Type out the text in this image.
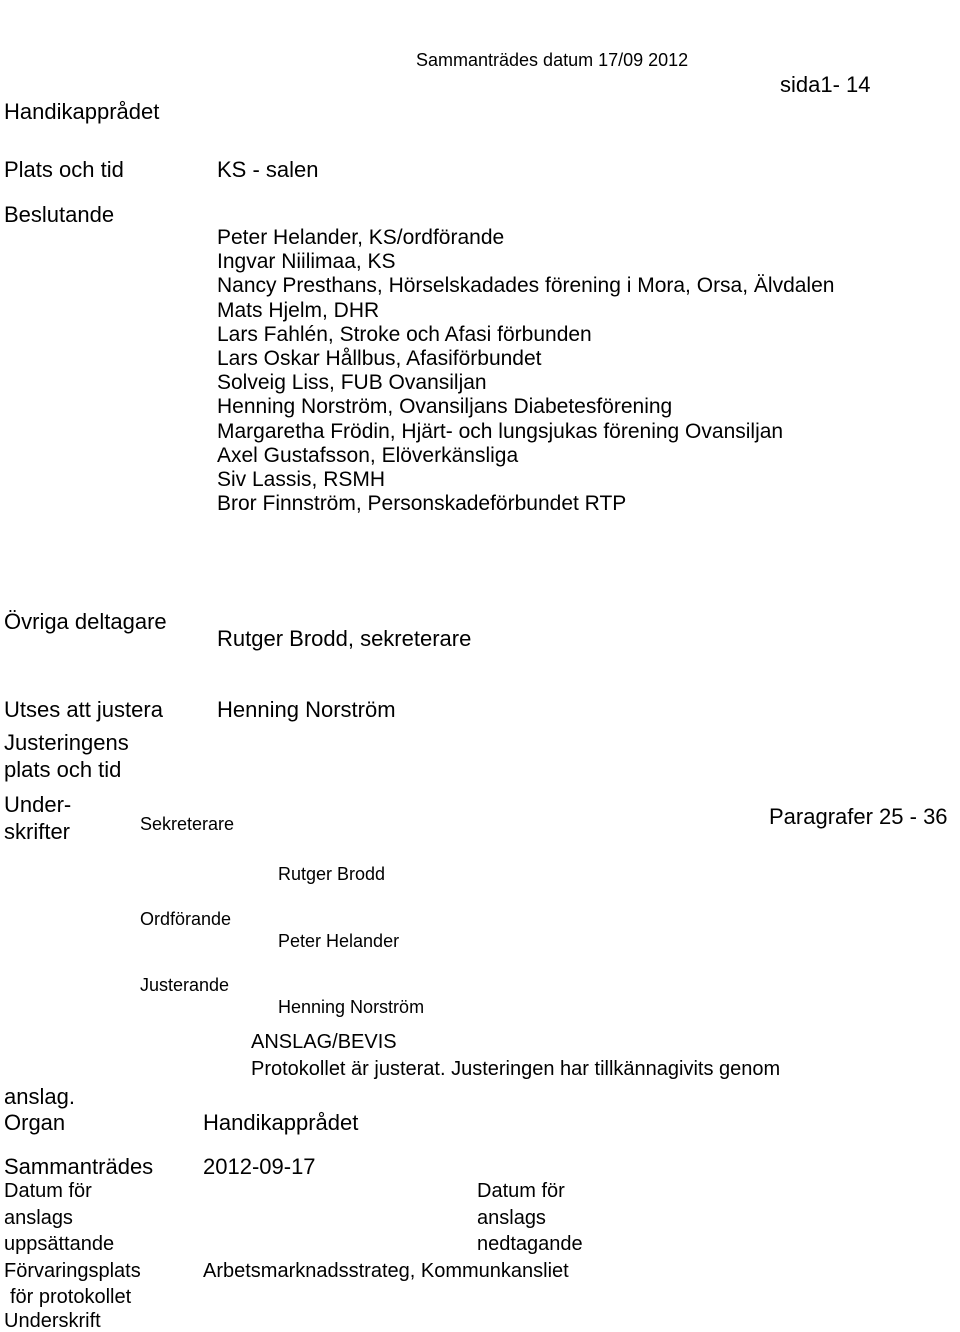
Mora Kommun	Sammanträdesprotokoll
Sammanträdes datum 17/09 2012
sida1- 14
Handikapprådet
Plats och tid	KS - salen
Beslutande
Peter Helander, KS/ordförande
Ingvar Niilimaa, KS
Nancy Presthans, Hörselskadades förening i Mora, Orsa, Älvdalen
Mats Hjelm, DHR
Lars Fahlén, Stroke och Afasi förbunden
Lars Oskar Hållbus, Afasiförbundet
Solveig Liss, FUB Ovansiljan
Henning Norström, Ovansiljans Diabetesförening
Margaretha Frödin, Hjärt- och lungsjukas förening Ovansiljan
Axel Gustafsson, Elöverkänsliga
Siv Lassis, RSMH
Bror Finnström, Personskadeförbundet RTP
Övriga deltagare
Rutger Brodd, sekreterare
Utses att justera Henning Norström
Justeringens
plats och tid
Under-
skrifter	Sekreterare	Paragrafer 25 - 36
Rutger Brodd
Ordförande
Peter Helander
Justerande
Henning Norström
ANSLAG/BEVIS
Protokollet är justerat. Justeringen har tillkännagivits genom
anslag.
Organ	Handikapprådet
Sammanträdes 2012-09-17
Datum för
anslags
uppsättande
Datum för
anslags
nedtagande
Förvaringsplats
för protokollet
Arbetsmarknadsstrateg, Kommunkansliet
Underskrift
